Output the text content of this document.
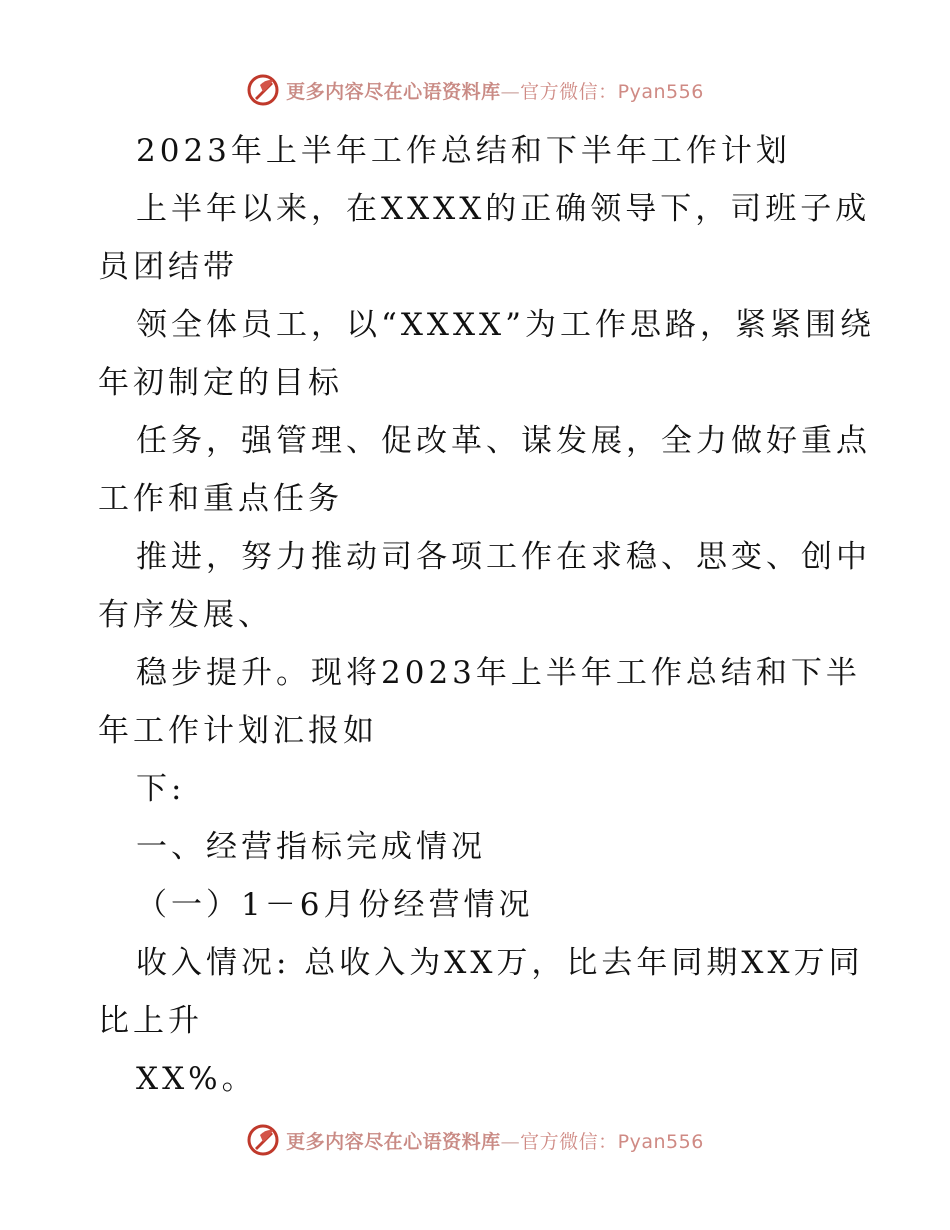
更多内容尽在心语资料库—官方微信：Pyan556

2023年上半年工作总结和下半年工作计划

上半年以来，在XXXX的正确领导下，司班子成

员团结带

领全体员工，以“XXXX”为工作思路，紧紧围绕

年初制定的目标

任务，强管理、促改革、谋发展，全力做好重点

工作和重点任务

推进，努力推动司各项工作在求稳、思变、创中

有序发展、

稳步提升。现将2023年上半年工作总结和下半

年工作计划汇报如

下:

一、经营指标完成情况

（一）1－6月份经营情况

收入情况: 总收入为XX万，比去年同期XX万同

比上升

XX%。

更多内容尽在心语资料库—官方微信：Pyan556
